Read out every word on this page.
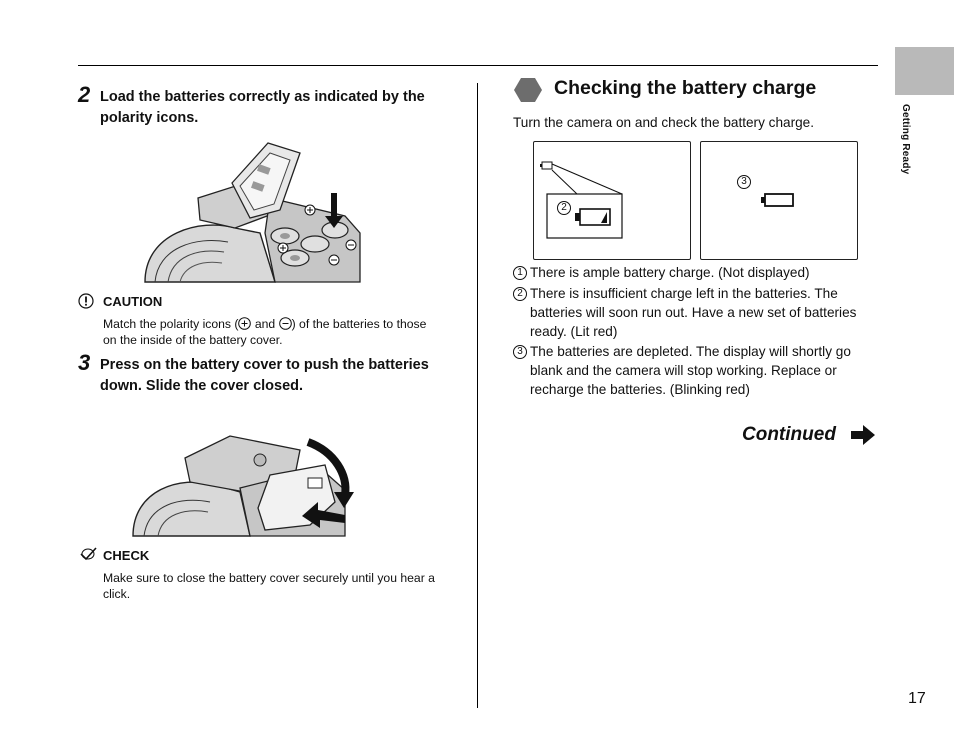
Getting Ready
2 Load the batteries correctly as indicated by the polarity icons.
CAUTION
Match the polarity icons ( and ) of the batteries to those on the inside of the battery cover.
3 Press on the battery cover to push the batteries down. Slide the cover closed.
CHECK
Make sure to close the battery cover securely until you hear a click.
Checking the battery charge
Turn the camera on and check the battery charge.
2
3
1 There is ample battery charge. (Not displayed)
2 There is insufficient charge left in the batteries. The batteries will soon run out. Have a new set of batteries ready. (Lit red)
3 The batteries are depleted. The display will shortly go blank and the camera will stop working. Replace or recharge the batteries. (Blinking red)
Continued
17
